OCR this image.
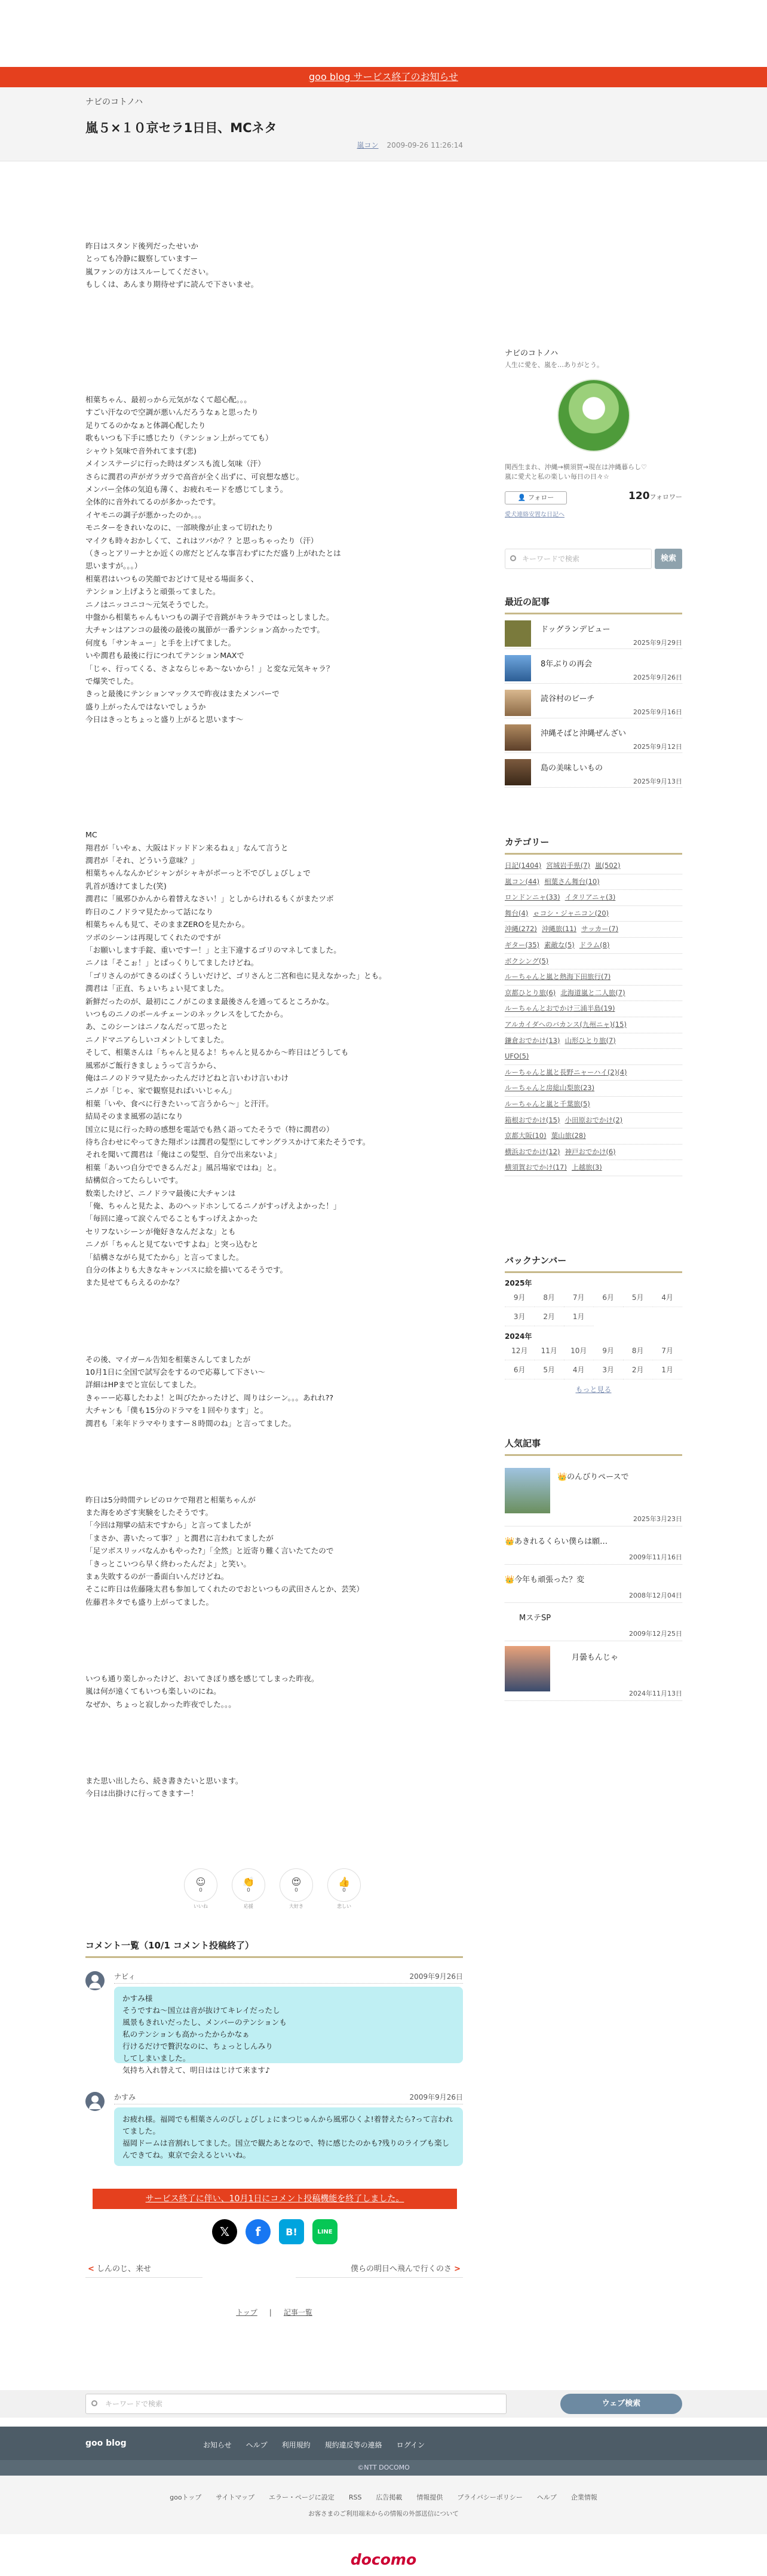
goo blog サービス終了のお知らせ
ナビのコトノハ
嵐５×１０京セラ1日目、MCネタ
嵐コン 2009-09-26 11:26:14

昨日はスタンド後列だったせいか
とっても冷静に観察していますー
嵐ファンの方はスルーしてください。
もしくは、あんまり期待せずに読んで下さいませ。

相葉ちゃん、最初っから元気がなくて超心配。。。
すごい汗なので空調が悪いんだろうなぁと思ったり
足りてるのかなぁと体調心配したり
歌もいつも下手に感じたり（テンション上がってても）
シャウト気味で音外れてます(悲)
メインステージに行った時はダンスも流し気味（汗）
さらに潤君の声がガラガラで高音が全く出ずに、可哀想な感じ。
メンバー全体の気迫も薄く、お疲れモードを感じてしまう。
全体的に音外れてるのが多かったです。
イヤモニの調子が悪かったのか。。。
モニターをきれいなのに、一部映像が止まって切れたり
マイクも時々おかしくて、これはツバか？？と思っちゃったり（汗）
（きっとアリーナとか近くの席だとどんな事言わずにただ盛り上がれたとは
思いますが。。。）
相葉君はいつもの笑顔でおどけて見せる場面多く、
テンション上げようと頑張ってました。
ニノはニッコニコ〜元気そうでした。
中盤から相葉ちゃんもいつもの調子で音跳がキラキラではっとしました。
大チャンはアンコの最後の最後の嵐節が一番テンション高かったです。
何度も「サンキュー」と手を上げてました。
いや潤君も最後に行につれてテンションMAXで
「じゃ、行ってくる、さよならじゃあ〜ないから！」と変な元気キャラ？
で爆笑でした。
きっと最後にテンションマックスで昨夜はまたメンバーで
盛り上がったんではないでしょうか
今日はきっとちょっと盛り上がると思います〜

MC
翔君が「いやぁ、大阪はドッドドン来るねぇ」なんて言うと
潤君が「それ、どういう意味？」
相葉ちゃんなんかピシャンがシャキがボーっと不でびしょびしょで
乳首が透けてました(笑)
潤君に「風邪ひかんから着替えなさい！」としからけれるもくがまたツボ
昨日のこノドラマ見たかって話になり
相葉ちゃんも見て、そのままZEROを見たから。
ツボのシーンは再現してくれたのですが
「お願いします手錠、重いですー！」と主下違するゴリのマネしてました。
ニノは「そこぉ！」とぱっくりしてましたけどね。
「ゴリさんのがてきるのぱくうしいだけど、ゴリさんと二宮和也に見えなかった」とも。
潤君は「正直、ちょいちょい見てました。
新鮮だったのが、最初にこノがこのまま最後さんを通ってるところかな。
いつものニノのボールチェーンのネックレスをしてたから。
あ、このシーンはニノなんだって思ったと
ニノドマニアらしいコメントしてました。
そして、相葉さんは「ちゃんと見るよ！ちゃんと見るから〜昨日はどうしても
風邪がご飯行きましょうって言うから、
俺はニノのドラマ見たかったんだけどねと言いわけ言いわけ
ニノが「じゃ、家で観察見ればいいじゃん」
相葉「いや、食べに行きたいって言うから〜」と汗汗。
結局そのまま風邪の話になり
国立に見に行った時の感想を電話でも熱く語ってたそうで（特に潤君の）
待ち合わせにやってきた翔ポンは潤君の髪型にしてサングラスかけて来たそうです。
それを聞いて潤君は「俺はこの髪型、自分で出来ないよ」
相葉「あいつ自分でできるんだよ」風呂場家ではね」と。
結構似合ってたらしいです。
数楽したけど、ニノドラマ最後に大チャンは
「俺、ちゃんと見たよ、あのヘッドホンしてるニノがすっげえよかった！」
「毎回に違って涙ぐんでることもすっげえよかった
セリフないシーンが俺好きなんだよな」とも
ニノが「ちゃんと見てないですよね」と突っ込むと
「結構さながら見てたから」と言ってました。
自分の体よりも大きなキャンバスに絵を描いてるそうです。
また見せてもらえるのかな？

その後、マイガール告知を相葉さんしてましたが
10月1日に全国で試写会をするので応募して下さい〜
詳細はHPまでと宣伝してました。
きゃーー応募したわよ！と叫びたかったけど、周りはシーン。。。あれれ??
大チャンも「僕も15分のドラマを１回やります」と。
潤君も「来年ドラマやりますー８時間のね」と言ってました。

昨日は5分時間テレビのロケで翔君と相葉ちゃんが
また海をめざす実験をしたそうです。
「今回は翔擘の結末ですから」と言ってましたが
「まさか、書いたって事？」と潤君に言われてましたが
「足ツボスリッパなんかもやった?」「全然」と近寄り難く言いたてたので
「きっとこいつら早く終わったんだよ」と笑い。
まぁ失敗するのが一番面白いんだけどね。
そこに昨日は佐藤隆太君も参加してくれたのでおといつもの武田さんとか、芸笑）
佐藤君ネタでも盛り上がってました。

いつも通り楽しかったけど、おいてきぼり感を感じてしまった昨夜。
嵐は何が遠くてもいつも楽しいのにね。
なぜか、ちょっと寂しかった昨夜でした。。。

また思い出したら、続き書きたいと思います。
今日は出掛けに行ってきますー！

☺
0
いいね
👏
0
応援
😍
0
大好き
👍
0
悲しい
コメント一覧（10/1 コメント投稿終了）
ナビィ	2009年9月26日
かすみ様
そうですね〜国立は音が抜けてキレイだったし
風景もきれいだったし、メンバーのテンションも
私のテンションも高かったからかなぁ
行けるだけで贅沢なのに、ちょっとしんみり
してしまいました。
気持ち入れ替えて、明日ははじけて来ます♪
かすみ	2009年9月26日
お疲れ様。福岡でも相葉さんのびしょびしょにまつじゅんから風邪ひくよ!着替えたら?って言われてました。
福岡ドームは音割れしてました。国立で観たあとなので、特に感じたのかも?残りのライブも楽しんできてね。東京で会えるといいね。
サービス終了に伴い、10月1日にコメント投稿機能を終了しました。
𝕏 f	B!	LINE
< しんのじ、来せ	僕らの明日へ飛んで行くのさ >
トップ | 記事一覧
ナビのコトノハ
人生に愛を、嵐を…ありがとう。
関西生まれ、沖縄→横須賀→現在は沖縄暮らし♡
嵐に愛犬と私の楽しい毎日の日々☆
👤 フォロー	120フォロワー
愛犬連絡安置な日記へ
キーワードで検索	検索
最近の記事
ドッグランデビュー
2025年9月29日
8年ぶりの再会
2025年9月26日
読谷村のビーチ
2025年9月16日
沖縄そばと沖縄ぜんざい
2025年9月12日
島の美味しいもの
2025年9月13日
カテゴリー
日記(1404) 宮城岩手県(7) 嵐(502)
嵐コン(44) 相葉さん舞台(10)
ロンドンニャ(33) イタリアニャ(3)
舞台(4) ｅコシ・ジャニコン(20)
沖縄(272) 沖縄旅(11) サッカー(7)
ギター(35) 素敵な(5) ドラム(8)
ボクシング(5)
ルーちゃんと嵐と熱海下田旅行(7)
京都ひとり旅(6) 北海道嵐と二人旅(7)
ルーちゃんとおでかけ三浦半島(19)
アルカイダへのバカンス(九州ニャ)(15)
鎌倉おでかけ(13) 山形ひとり旅(7)
UFO(5)
ルーちゃんと嵐と長野ニャーハイ(2)(4)
ルーちゃんと房総山梨旅(23)
ルーちゃんと嵐と千葉旅(5)
箱根おでかけ(15) 小田原おでかけ(2)
京都大阪(10) 葉山旅(28)
横浜おでかけ(12) 神戸おでかけ(6)
横須賀おでかけ(17) 上越旅(3)
バックナンバー
2025年
9月	8月	7月	6月	5月	4月
3月	2月	1月
2024年
12月	11月	10月	9月	8月	7月
6月	5月	4月	3月	2月	1月
もっと見る
人気記事
👑のんびりペースで
2025年3月23日
👑あきれるくらい僕らは願…
2009年11月16日
👑今年も頑張った？変
2008年12月04日
MステSP
2009年12月25日
月曇もんじゃ
2024年11月13日
キーワードで検索	ウェブ検索
goo blog	お知らせ ヘルプ 利用規約 規約違反等の連絡 ログイン
©NTT DOCOMO
gooトップ サイトマップ エラー・ページに設定 RSS 広告掲載 情報提供 プライバシーポリシー ヘルプ 企業情報
お客さまのご利用端末からの情報の外部送信について
docomo
